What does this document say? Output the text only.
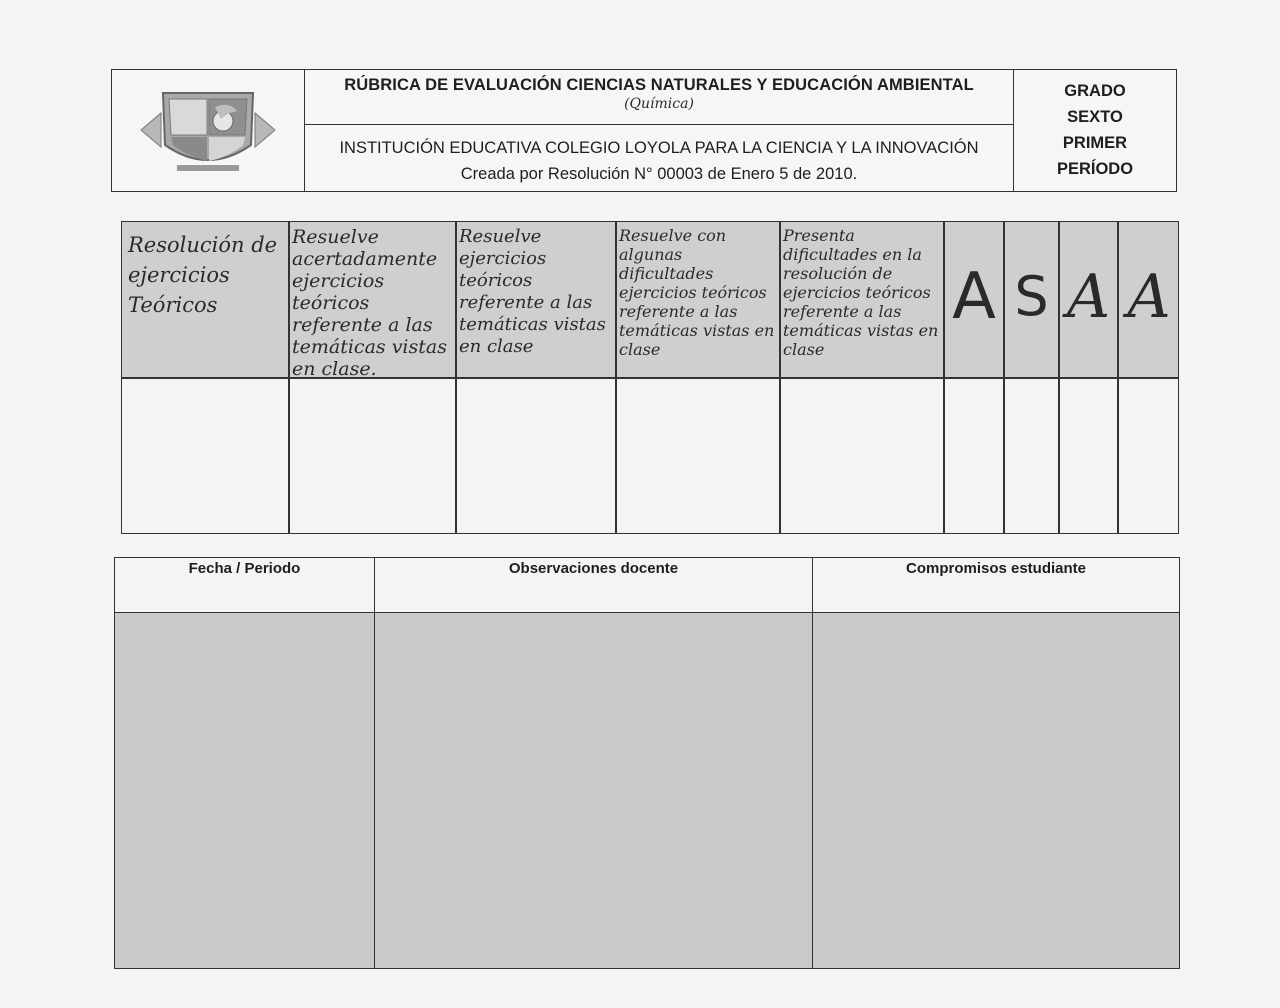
RÚBRICA DE EVALUACIÓN CIENCIAS NATURALES Y EDUCACIÓN AMBIENTAL
(Química)
INSTITUCIÓN EDUCATIVA COLEGIO LOYOLA PARA LA CIENCIA Y LA INNOVACIÓN
Creada por Resolución N° 00003 de Enero 5 de 2010.
GRADO
SEXTO
PRIMER
PERÍODO
Resolución de ejercicios Teóricos
Resuelve acertadamente ejercicios teóricos referente a las temáticas vistas en clase.
Resuelve ejercicios teóricos referente a las temáticas vistas en clase
Resuelve con algunas dificultades ejercicios teóricos referente a las temáticas vistas en clase
Presenta dificultades en la resolución de ejercicios teóricos referente a las temáticas vistas en clase
A S A A
Fecha / Periodo	Observaciones docente	Compromisos estudiante
